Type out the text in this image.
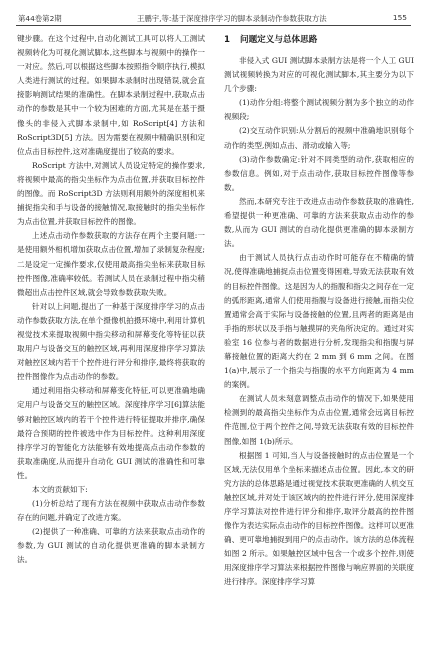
第44卷第2期	王鹏宇,等:基于深度排序学习的脚本录制动作参数获取方法	155

键步骤。在这个过程中,自动化测试工具可以将人工测试视频转化为可视化测试脚本,这些脚本与视频中的操作一一对应。然后,可以根据这些脚本按照指令顺序执行,模拟人类进行测试的过程。如果脚本录制时出现错误,就会直接影响测试结果的准确性。在脚本录制过程中,获取点击动作的参数是其中一个较为困难的方面,尤其是在基于摄像头的非侵入式脚本录制中,如 RoScript[4] 方法和 RoScript3D[5] 方法。因为需要在视频中精确识别和定位点击目标控件,这对准确度提出了较高的要求。

RoScript 方法中,对测试人员设定特定的操作要求,将视频中最高的指尖坐标作为点击位置,并获取目标控件的图像。而 RoScript3D 方法则利用额外的深度相机来捕捉指尖和手与设备的接触情况,取接触时的指尖坐标作为点击位置,并获取目标控件的图像。

上述点击动作参数获取的方法存在两个主要问题:一是使用额外相机增加获取点击位置,增加了录制复杂程度;二是设定一定操作要求,仅使用最高指尖坐标来获取目标控件图像,准确率较低。若测试人员在录制过程中指尖稍微超出点击控件区域,就会导致参数获取失败。

针对以上问题,提出了一种基于深度排序学习的点击动作参数获取方法,在单个摄像机拍摄环境中,利用计算机视觉技术来提取视频中指尖移动和屏幕变化等特征以获取用户与设备交互的触控区域,再利用深度排序学习算法对触控区域内若干个控件进行评分和排序,最终将获取的控件图像作为点击动作的参数。

通过利用指尖移动和屏幕变化特征,可以更准确地确定用户与设备交互的触控区域。深度排序学习[6]算法能够对触控区域内的若干个控件进行特征提取并排序,确保最符合预期的控件被选中作为目标控件。这种利用深度排序学习的智能化方法能够有效地提高点击动作参数的获取准确度,从而提升自动化 GUI 测试的准确性和可靠性。

本文的贡献如下:

(1)分析总结了现有方法在视频中获取点击动作参数存在的问题,并确定了改进方案。

(2)提供了一种准确、可靠的方法来获取点击动作的参数,为 GUI 测试的自动化提供更准确的脚本录制方法。

1 问题定义与总体思路

非侵入式 GUI 测试脚本录制方法是将一个人工 GUI 测试视频转换为对应的可视化测试脚本,其主要分为以下几个步骤:

(1)动作分组:将整个测试视频分割为多个独立的动作视频段;

(2)交互动作识别:从分割后的视频中准确地识别每个动作的类型,例如点击、滑动或输入等;

(3)动作参数确定:针对不同类型的动作,获取相应的参数信息。例如,对于点击动作,获取目标控件图像等参数。

然而,本研究专注于改进点击动作参数获取的准确性,希望提供一种更准确、可靠的方法来获取点击动作的参数,从而为 GUI 测试的自动化提供更准确的脚本录制方法。

由于测试人员执行点击动作时可能存在不精确的情况,使得准确地捕捉点击位置变得困难,导致无法获取有效的目标控件图像。这是因为人的指腹和指尖之间存在一定的弧形距离,通常人们使用指腹与设备进行接触,而指尖位置通常会高于实际与设备接触的位置,且两者的距离是由手指的形状以及手指与触摸屏的夹角所决定的。通过对实验室 16 位参与者的数据进行分析,发现指尖和指腹与屏幕接触位置的距离大约在 2 mm 到 6 mm 之间。在图 1(a)中,展示了一个指尖与指腹的水平方向距离为 4 mm 的案例。

在测试人员未刻意调整点击动作的情况下,如果使用检测到的最高指尖坐标作为点击位置,通常会远离目标控件范围,位于两个控件之间,导致无法获取有效的目标控件图像,如图 1(b)所示。

根据图 1 可知,当人与设备接触时的点击位置是一个区域,无法仅用单个坐标来描述点击位置。因此,本文的研究方法的总体思路是通过视觉技术获取更准确的人机交互触控区域,并对处于该区域内的控件进行评分,使用深度排序学习算法对控件进行评分和排序,取评分最高的控件图像作为表达实际点击动作的目标控件图像。这样可以更准确、更可靠地捕捉到用户的点击动作。该方法的总体流程如图 2 所示。如果触控区域中包含一个或多个控件,则使用深度排序学习算法来根据控件图像与响应界面的关联度进行排序。深度排序学习算
